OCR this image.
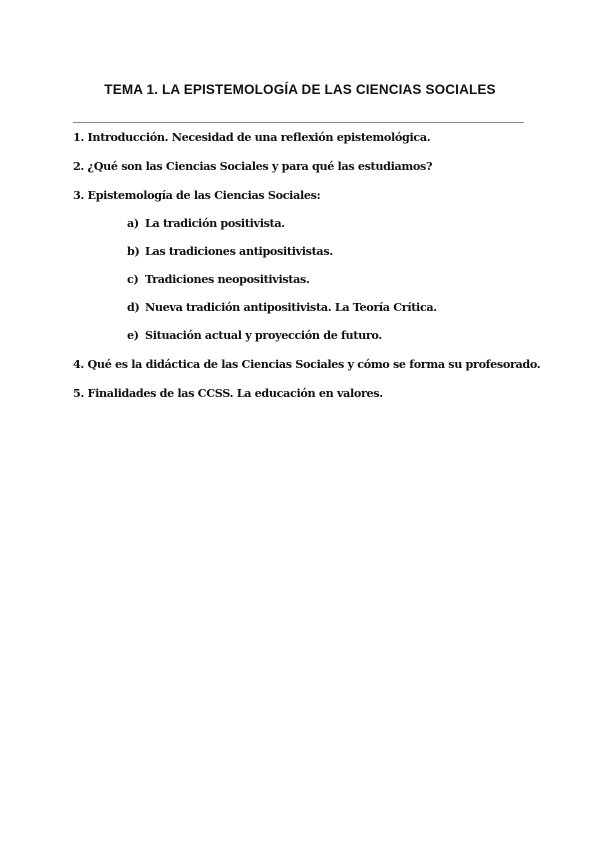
TEMA 1. LA EPISTEMOLOGÍA DE LAS CIENCIAS SOCIALES

1. Introducción. Necesidad de una reflexión epistemológica.

2. ¿Qué son las Ciencias Sociales y para qué las estudiamos?

3. Epistemología de las Ciencias Sociales:

a) La tradición positivista.

b) Las tradiciones antipositivistas.

c) Tradiciones neopositivistas.

d) Nueva tradición antipositivista. La Teoría Crítica.

e) Situación actual y proyección de futuro.

4. Qué es la didáctica de las Ciencias Sociales y cómo se forma su profesorado.

5. Finalidades de las CCSS. La educación en valores.
